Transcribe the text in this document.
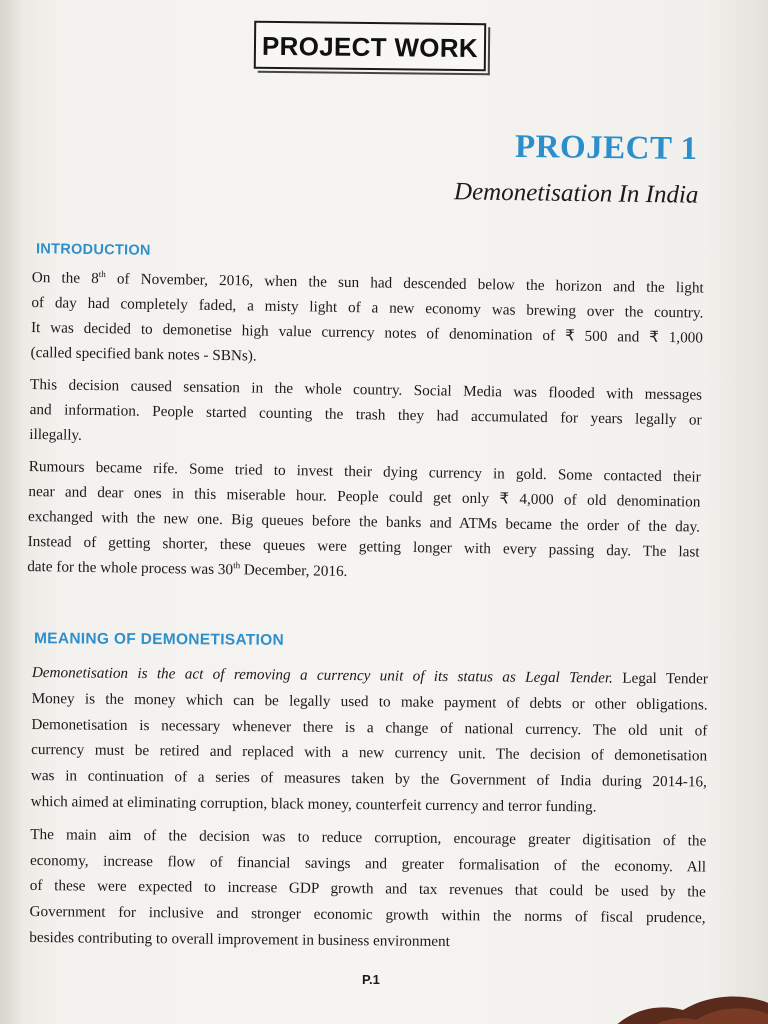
PROJECT WORK
PROJECT 1
Demonetisation In India
INTRODUCTION
On the 8th of November, 2016, when the sun had descended below the horizon and the light
of day had completely faded, a misty light of a new economy was brewing over the country.
It was decided to demonetise high value currency notes of denomination of ₹ 500 and ₹ 1,000
(called specified bank notes - SBNs).
This decision caused sensation in the whole country. Social Media was flooded with messages
and information. People started counting the trash they had accumulated for years legally or
illegally.
Rumours became rife. Some tried to invest their dying currency in gold. Some contacted their
near and dear ones in this miserable hour. People could get only ₹ 4,000 of old denomination
exchanged with the new one. Big queues before the banks and ATMs became the order of the day.
Instead of getting shorter, these queues were getting longer with every passing day. The last
date for the whole process was 30th December, 2016.
MEANING OF DEMONETISATION
Demonetisation is the act of removing a currency unit of its status as Legal Tender. Legal Tender
Money is the money which can be legally used to make payment of debts or other obligations.
Demonetisation is necessary whenever there is a change of national currency. The old unit of
currency must be retired and replaced with a new currency unit. The decision of demonetisation
was in continuation of a series of measures taken by the Government of India during 2014-16,
which aimed at eliminating corruption, black money, counterfeit currency and terror funding.
The main aim of the decision was to reduce corruption, encourage greater digitisation of the
economy, increase flow of financial savings and greater formalisation of the economy. All
of these were expected to increase GDP growth and tax revenues that could be used by the
Government for inclusive and stronger economic growth within the norms of fiscal prudence,
besides contributing to overall improvement in business environment
P.1
